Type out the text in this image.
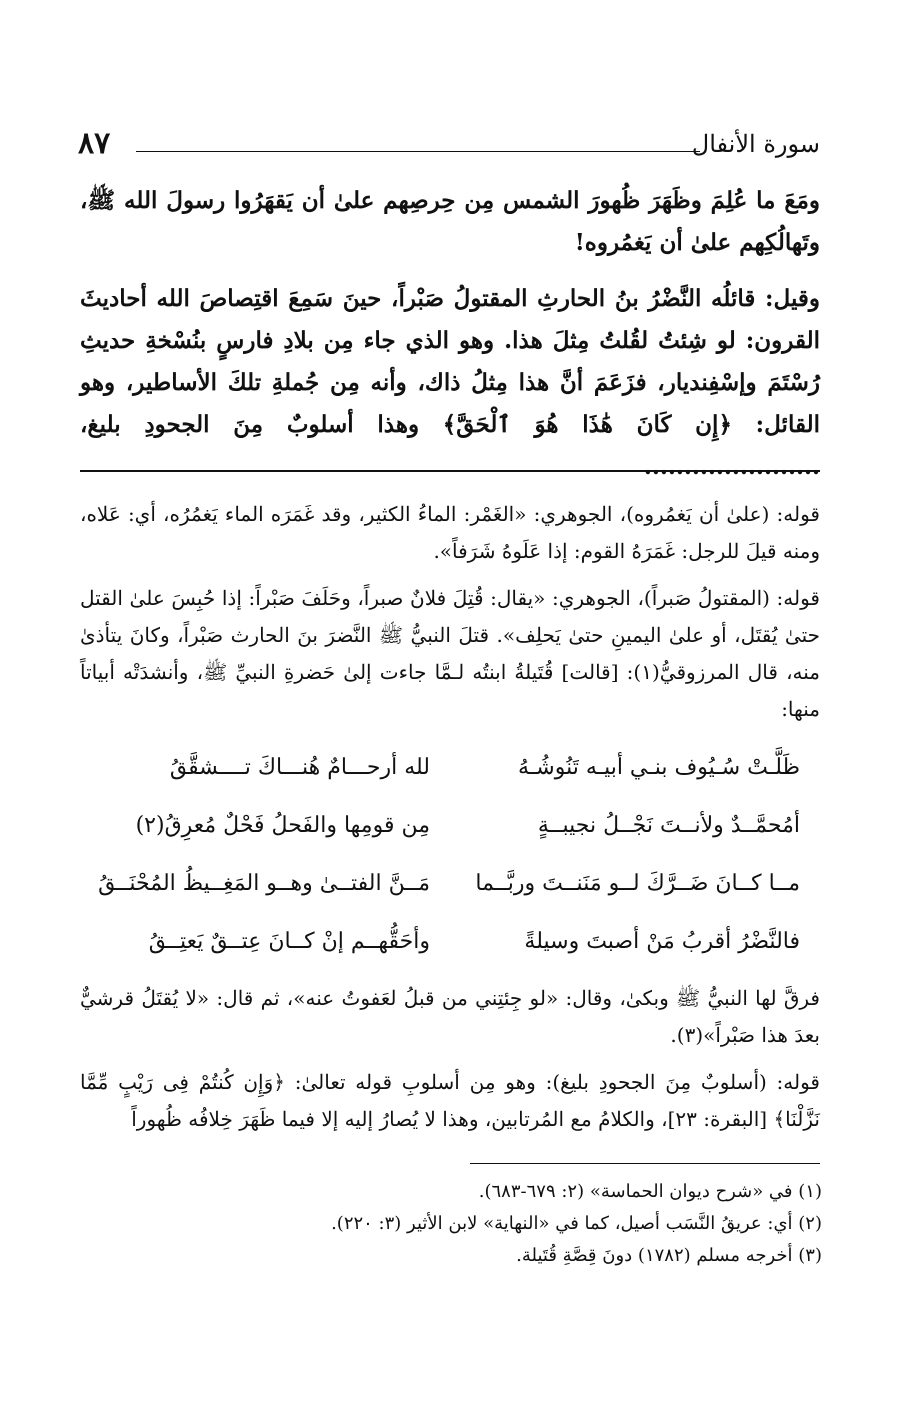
٨٧	سورة الأنفال

ومَعَ ما عُلِمَ وظَهَرَ ظُهورَ الشمس مِن حِرصِهم علىٰ أن يَقهَرُوا رسولَ الله ﷺ، وتَهالُكِهم علىٰ أن يَغمُروه!

وقيل: قائلُه النَّضْرُ بنُ الحارثِ المقتولُ صَبْراً، حينَ سَمِعَ اقتِصاصَ الله أحاديثَ القرون: لو شِئتُ لقُلتُ مِثلَ هذا. وهو الذي جاء مِن بلادِ فارسٍ بنُسْخةِ حديثِ رُسْتَمَ وإسْفِنديار، فزَعَمَ أنَّ هذا مِثلُ ذاك، وأنه مِن جُملةِ تلكَ الأساطير، وهو القائل: ﴿إِن كَانَ هَٰذَا هُوَ ٱلْحَقَّ﴾ وهذا أسلوبٌ مِنَ الجحودِ بليغ، ......................

قوله: (علىٰ أن يَغمُروه)، الجوهري: «الغَمْر: الماءُ الكثير، وقد غَمَرَه الماء يَغمُرُه، أي: عَلاه، ومنه قيلَ للرجل: غَمَرَهُ القوم: إذا عَلَوهُ شَرَفاً».

قوله: (المقتولُ صَبراً)، الجوهري: «يقال: قُتِلَ فلانٌ صبراً، وحَلَفَ صَبْراً: إذا حُبِسَ علىٰ القتل حتىٰ يُقتَل، أو علىٰ اليمينِ حتىٰ يَحلِف». قتلَ النبيُّ ﷺ النَّضرَ بنَ الحارث صَبْراً، وكانَ يتأذىٰ منه، قال المرزوقيُّ(١): [قالت] قُتَيلةُ ابنتُه لـمَّا جاءت إلىٰ حَضرةِ النبيِّ ﷺ، وأنشدَتْه أبياتاً منها:

ظَلَّـتْ سُـيُوف بنـي أبيـه تَنُوشُـهُ
لله أرحـــامٌ هُنـــاكَ تــــشقَّقُ
أمُحمَّــدٌ ولأنــتَ نَجْــلُ نجيبــةٍ
مِن قومِها والفَحلُ فَحْلٌ مُعرِقُ(٢)
مــا كــانَ ضَــرَّكَ لــو مَنَنــتَ وربَّــما
مَــنَّ الفتــىٰ وهــو المَغِــيظُ المُحْنَــقُ
فالنَّضْرُ أقربُ مَنْ أصبتَ وسيلةً
وأحَقُّهــم إنْ كــانَ عِتــقٌ يَعتِــقُ

فرقَّ لها النبيُّ ﷺ وبكىٰ، وقال: «لو جِئتِني من قبلُ لعَفوتُ عنه»، ثم قال: «لا يُقتَلُ قرشيٌّ بعدَ هذا صَبْراً»(٣).

قوله: (أسلوبٌ مِنَ الجحودِ بليغ): وهو مِن أسلوبِ قوله تعالىٰ: ﴿وَإِن كُنتُمْ فِى رَيْبٍ مِّمَّا نَزَّلْنَا﴾ [البقرة: ٢٣]، والكلامُ مع المُرتابين، وهذا لا يُصارُ إليه إلا فيما ظَهَرَ خِلافُه ظُهوراً

(١) في «شرح ديوان الحماسة» (٢: ٦٧٩-٦٨٣).

(٢) أي: عريقُ النَّسَب أصيل، كما في «النهاية» لابن الأثير (٣: ٢٢٠).

(٣) أخرجه مسلم (١٧٨٢) دونَ قِصَّةِ قُتَيلة.
